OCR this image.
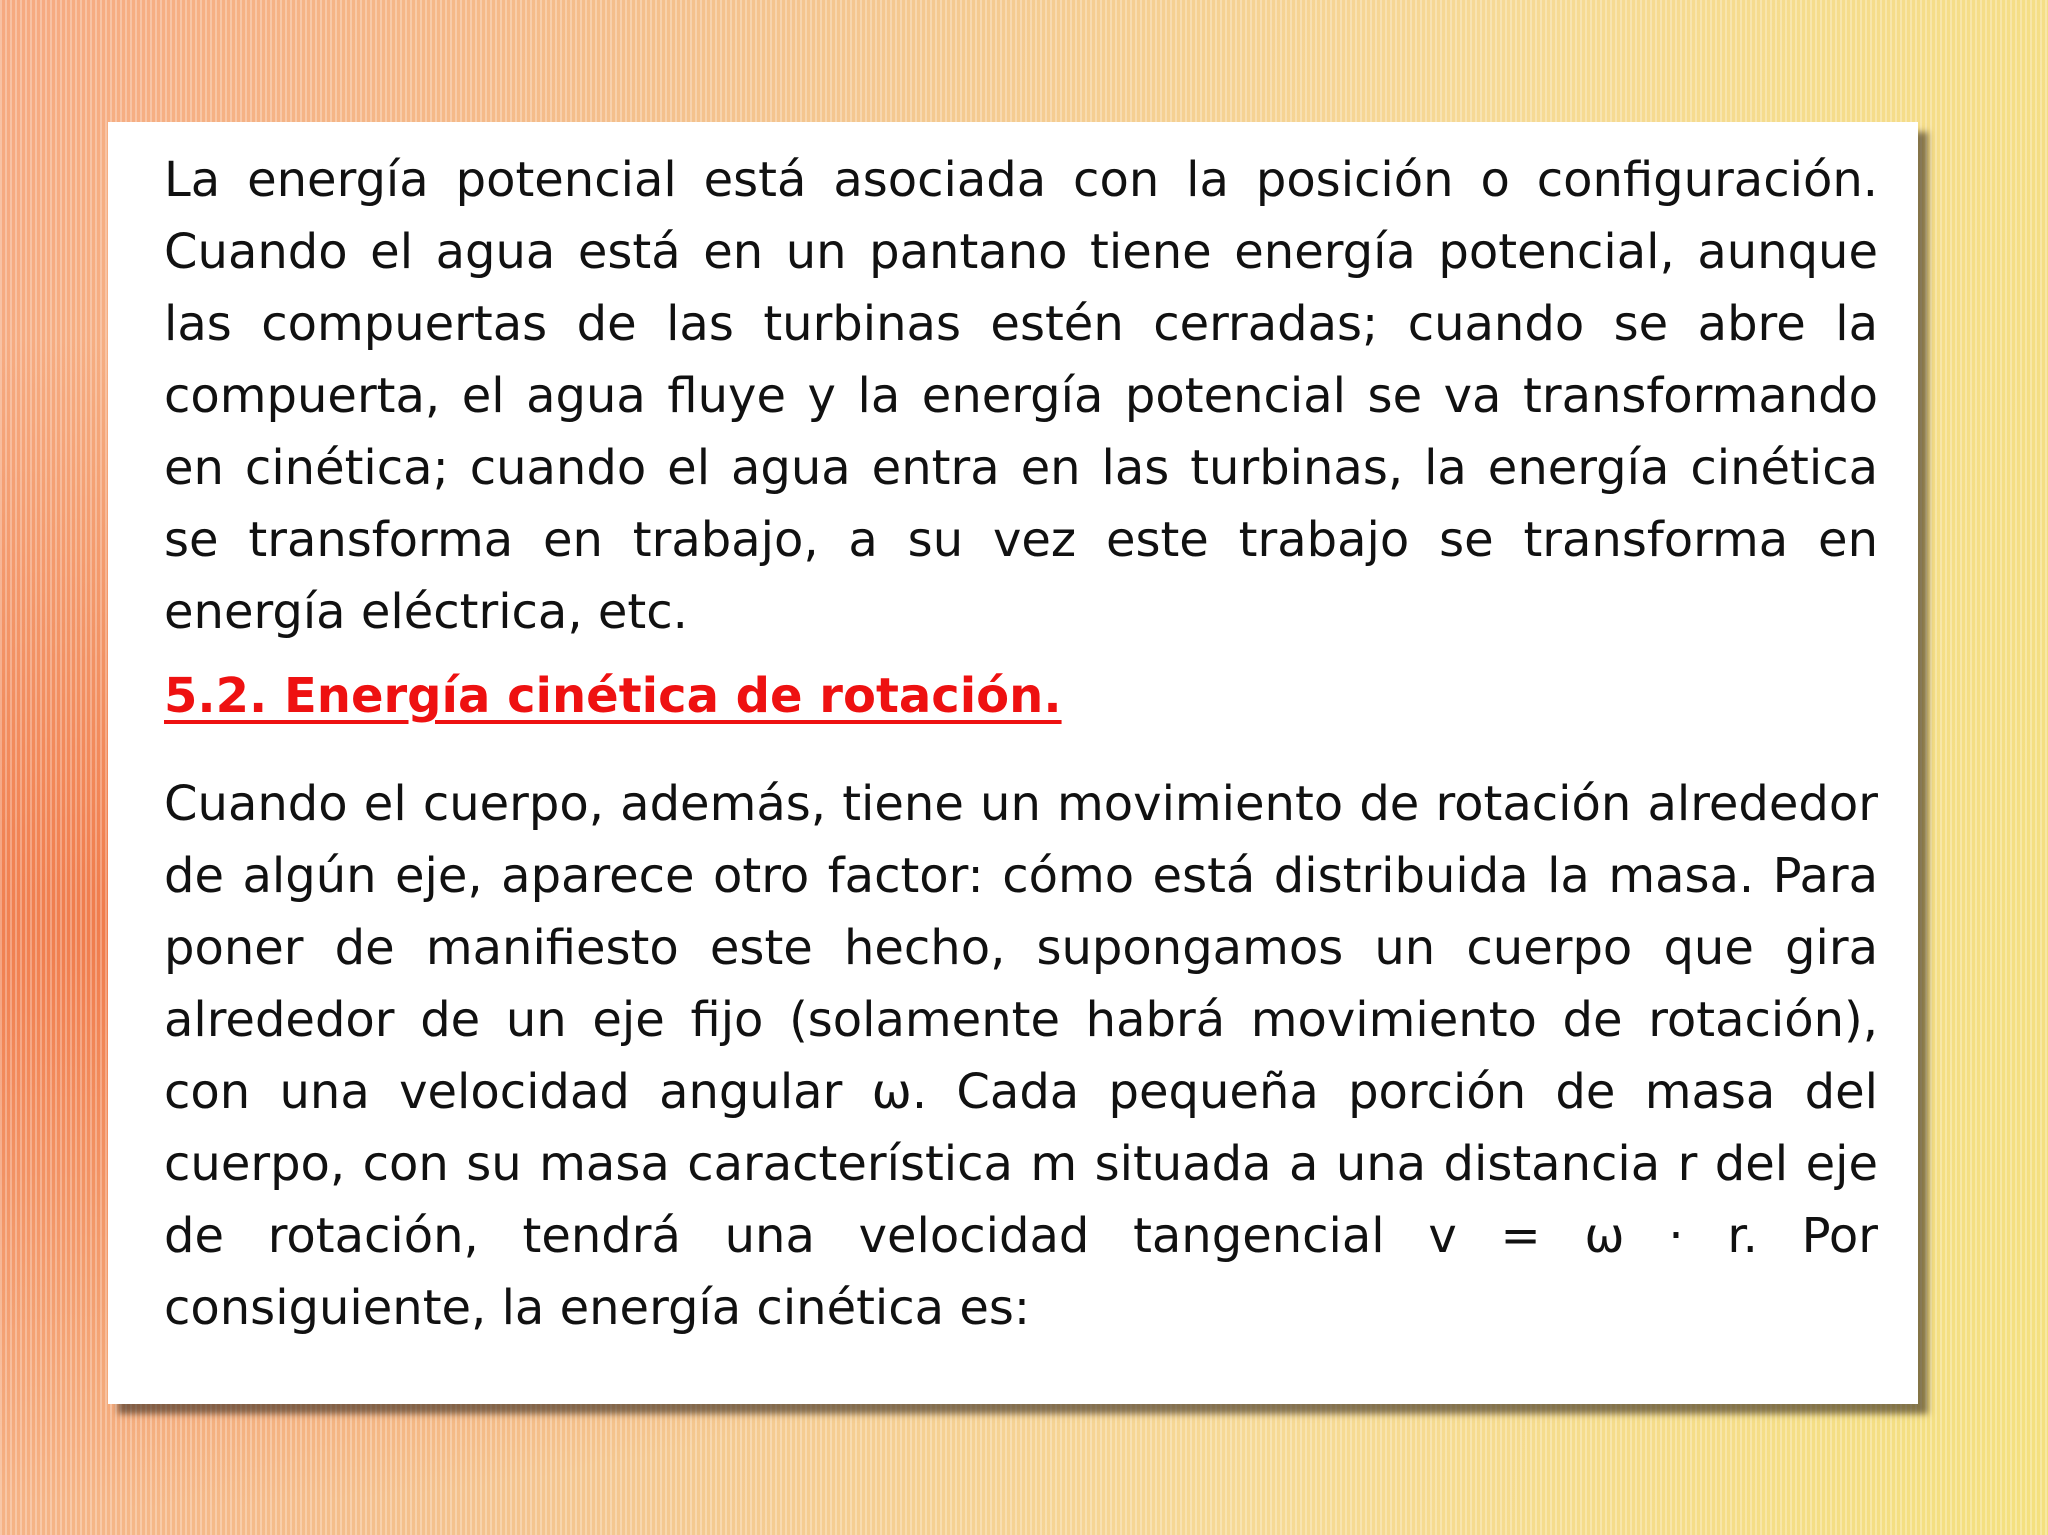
La energía potencial está asociada con la posición o configuración. Cuando el agua está en un pantano tiene energía potencial, aunque las compuertas de las turbinas estén cerradas; cuando se abre la compuerta, el agua fluye y la energía potencial se va transformando en cinética; cuando el agua entra en las turbinas, la energía cinética se transforma en trabajo, a su vez este trabajo se transforma en energía eléctrica, etc.

5.2. Energía cinética de rotación.

Cuando el cuerpo, además, tiene un movimiento de rotación alrededor de algún eje, aparece otro factor: cómo está distribuida la masa. Para poner de manifiesto este hecho, supongamos un cuerpo que gira alrededor de un eje fijo (solamente habrá movimiento de rotación), con una velocidad angular ω. Cada pequeña porción de masa del cuerpo, con su masa característica m situada a una distancia r del eje de rotación, tendrá una velocidad tangencial v = ω · r. Por consiguiente, la energía cinética es:
